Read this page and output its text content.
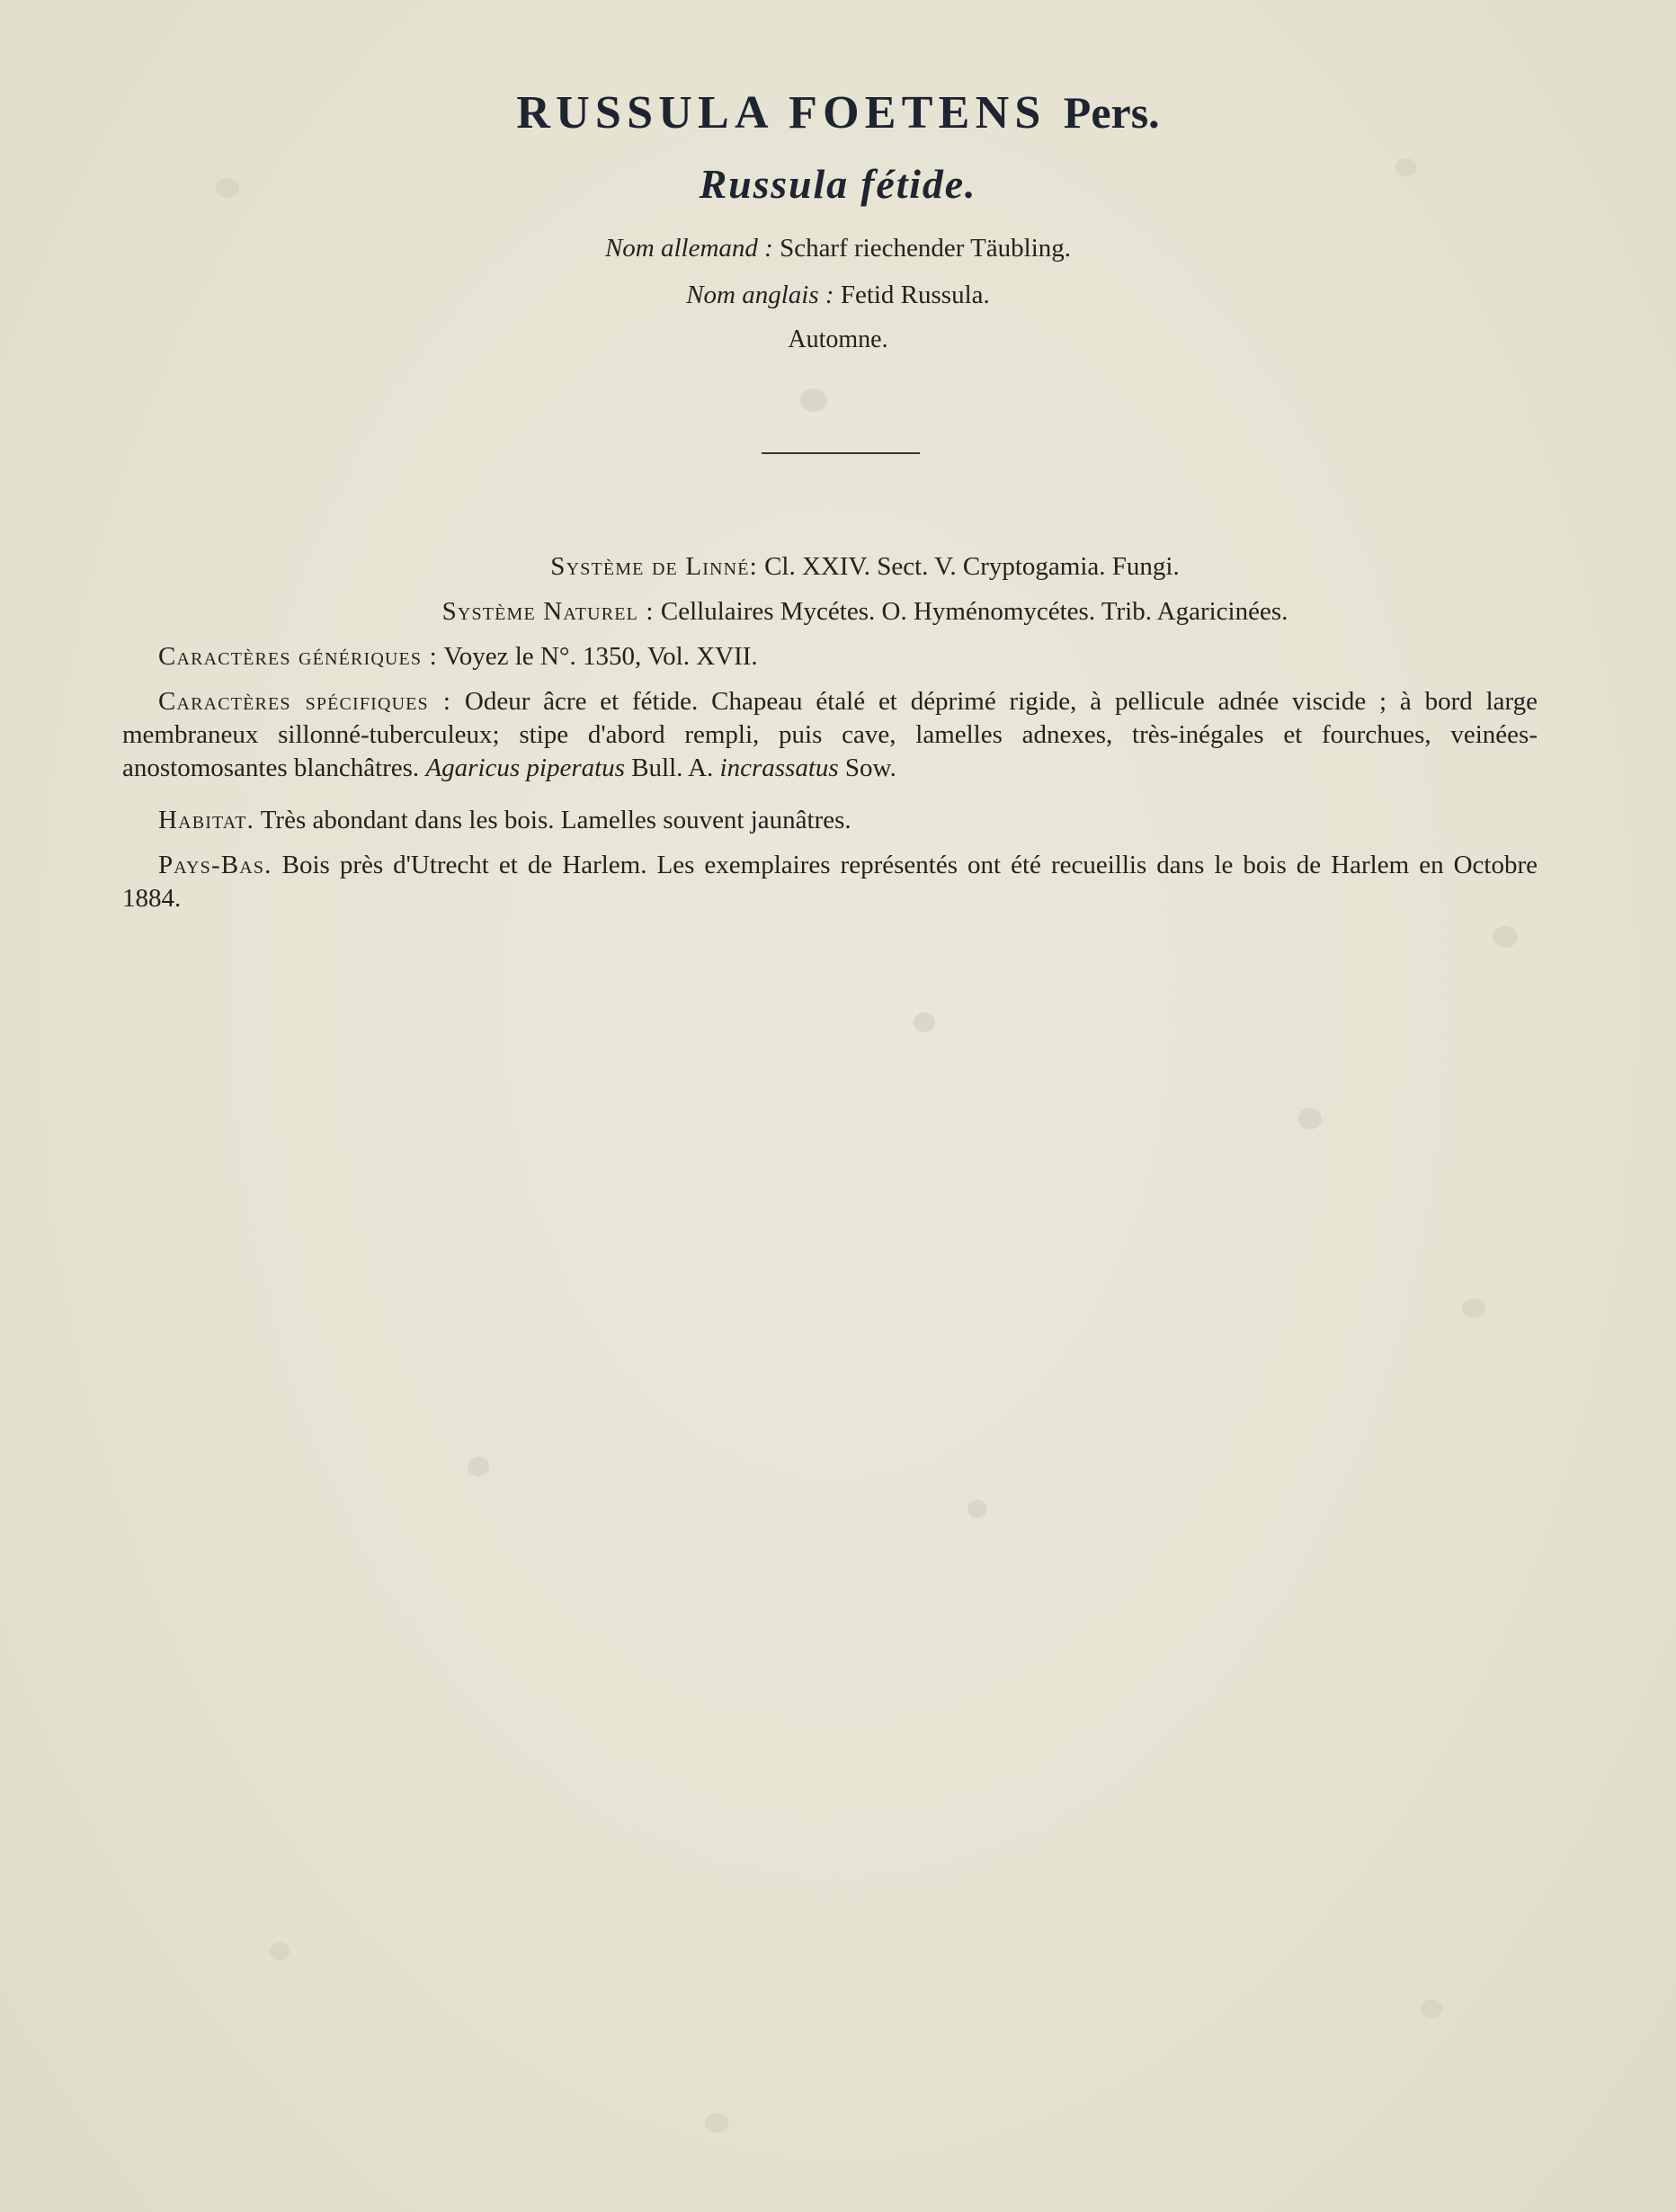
RUSSULA FOETENS Pers.
Russula fétide.
Nom allemand : Scharf riechender Täubling.
Nom anglais : Fetid Russula.
Automne.
Système de Linné: Cl. XXIV. Sect. V. Cryptogamia. Fungi.
Système Naturel : Cellulaires Mycétes. O. Hyménomycétes. Trib. Agaricinées.
Caractères génériques : Voyez le N°. 1350, Vol. XVII.
Caractères spécifiques : Odeur âcre et fétide. Chapeau étalé et déprimé rigide, à pellicule adnée viscide ; à bord large membraneux sillonné-tuberculeux; stipe d'abord rempli, puis cave, lamelles adnexes, très-inégales et fourchues, veinées-anostomosantes blanchâtres. Agaricus piperatus Bull. A. incrassatus Sow.
Habitat. Très abondant dans les bois. Lamelles souvent jaunâtres.
Pays-Bas. Bois près d'Utrecht et de Harlem. Les exemplaires représentés ont été recueillis dans le bois de Harlem en Octobre 1884.
